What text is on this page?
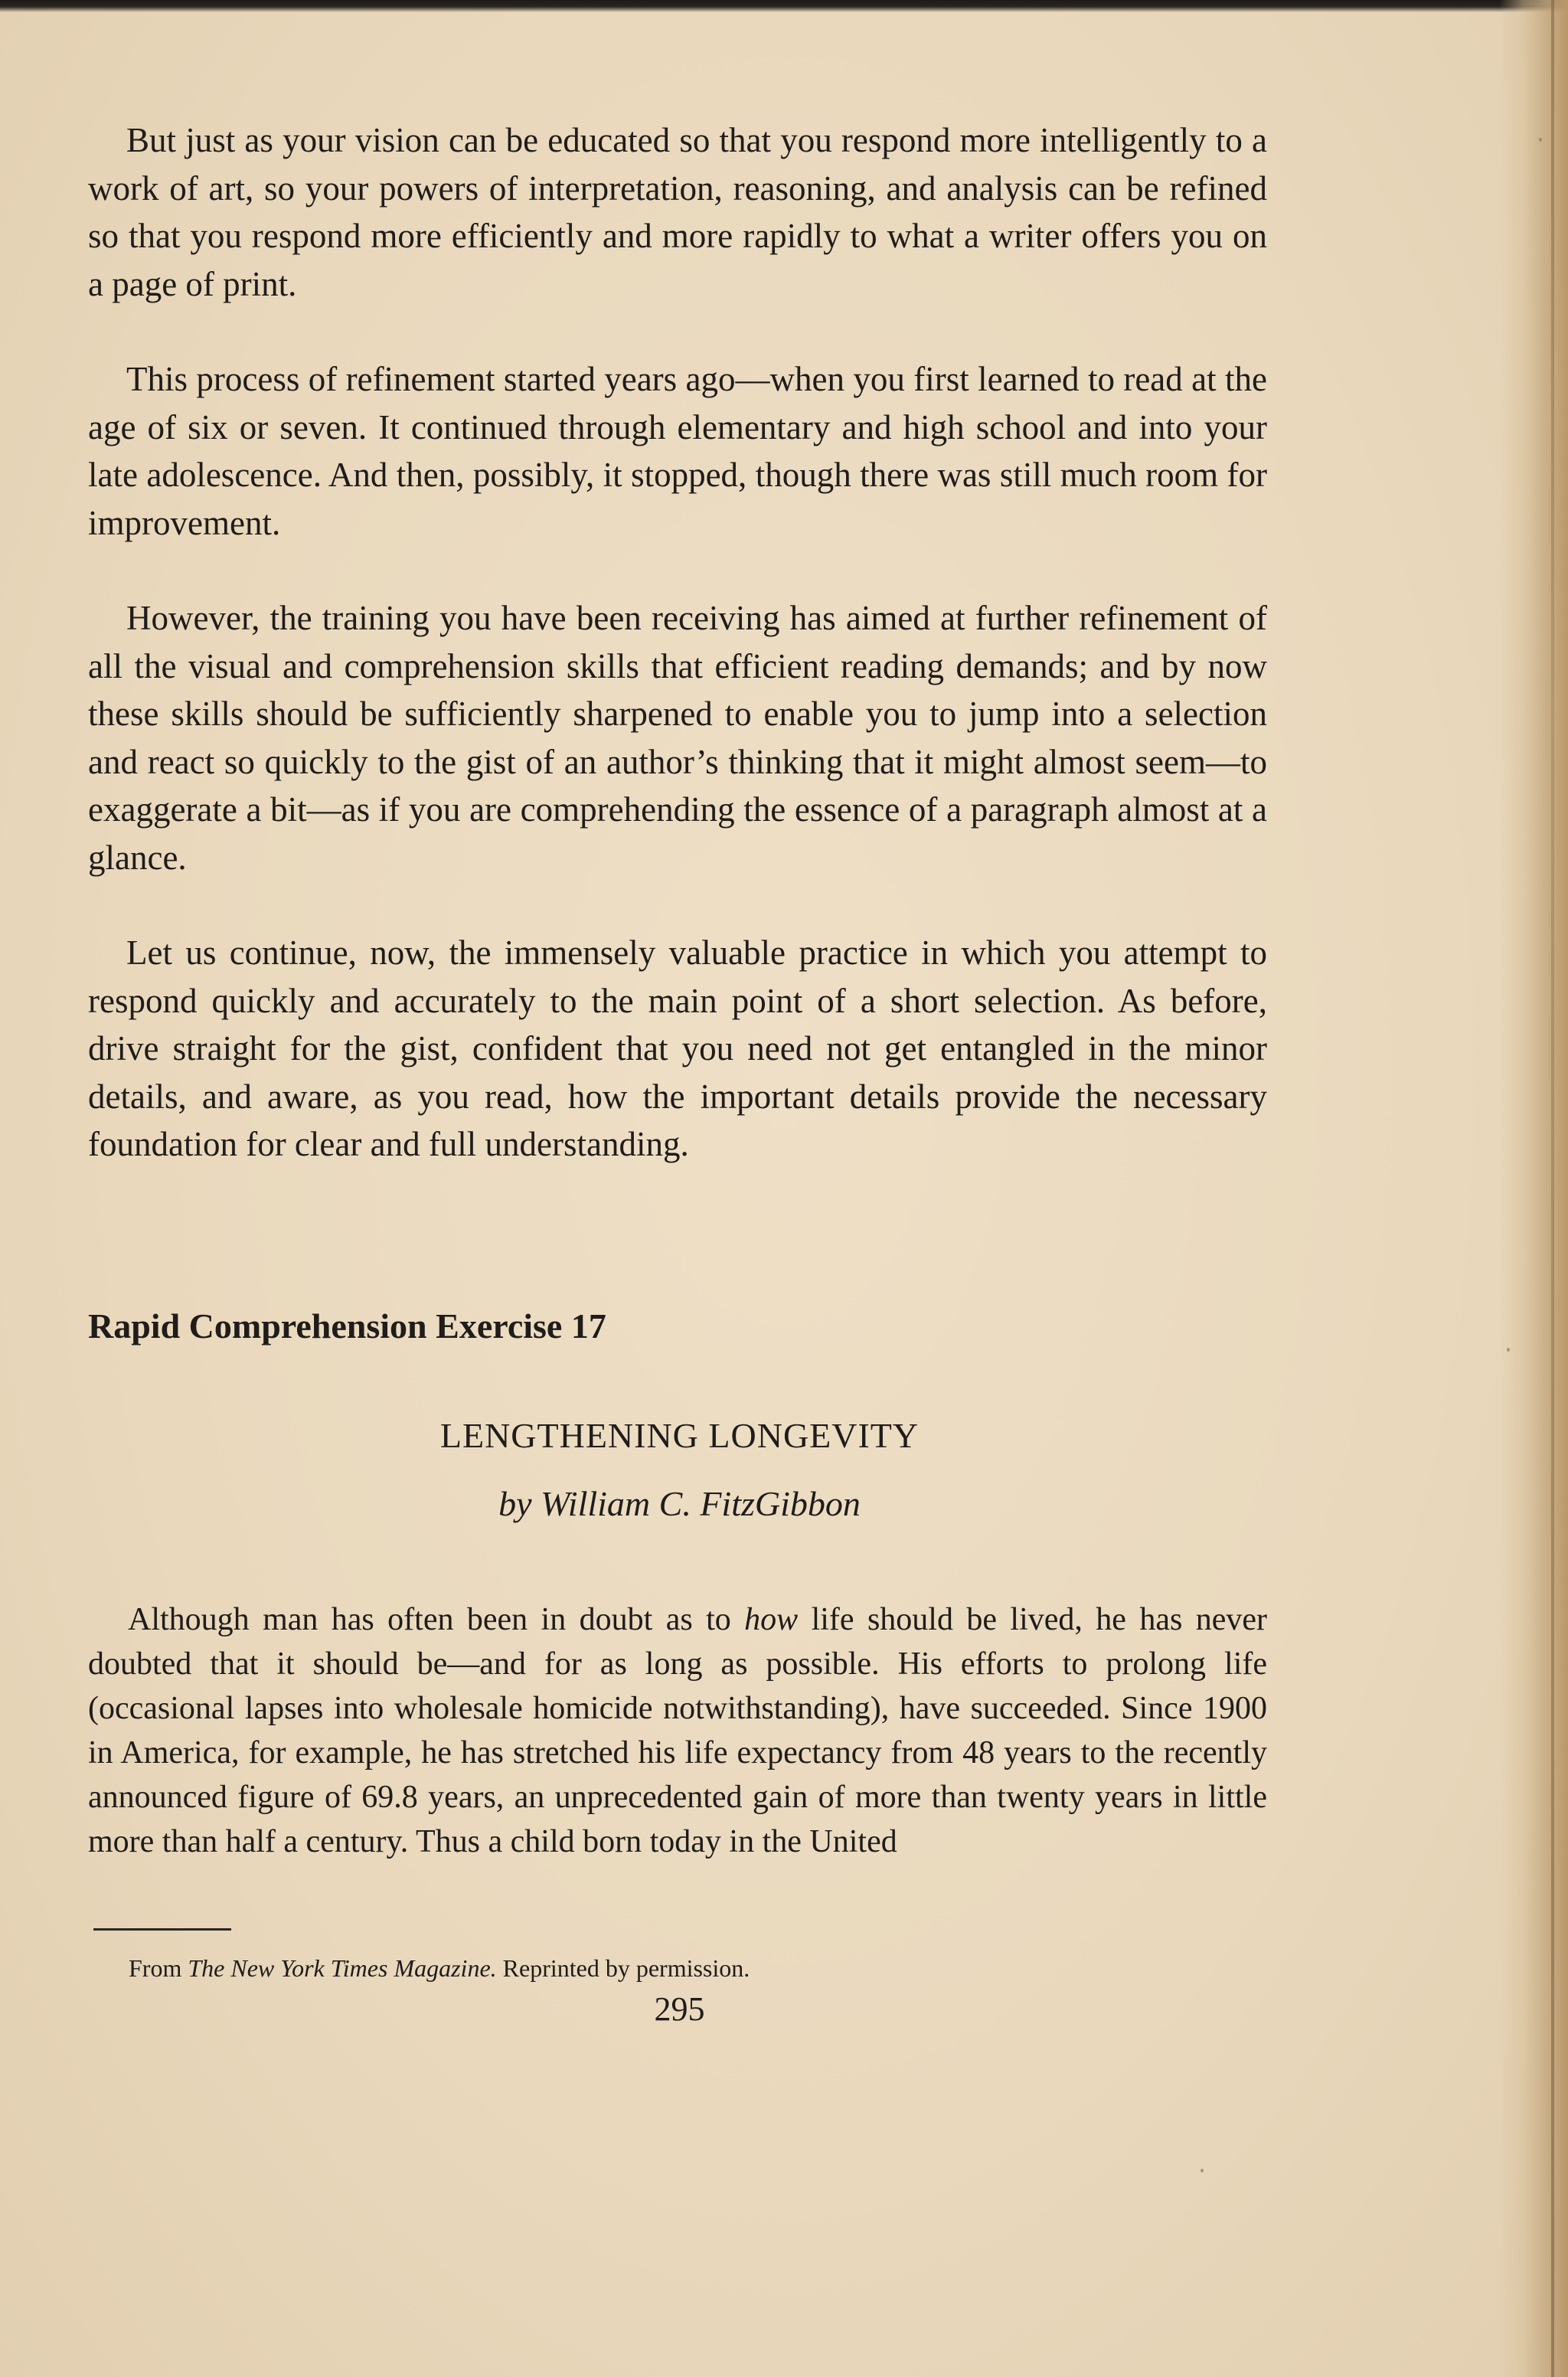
But just as your vision can be educated so that you respond more intelligently to a work of art, so your powers of interpretation, reasoning, and analysis can be refined so that you respond more efficiently and more rapidly to what a writer offers you on a page of print.

This process of refinement started years ago—when you first learned to read at the age of six or seven. It continued through elementary and high school and into your late adolescence. And then, possibly, it stopped, though there was still much room for improvement.

However, the training you have been receiving has aimed at further refinement of all the visual and comprehension skills that efficient reading demands; and by now these skills should be sufficiently sharpened to enable you to jump into a selection and react so quickly to the gist of an author’s thinking that it might almost seem—to exaggerate a bit—as if you are comprehending the essence of a paragraph almost at a glance.

Let us continue, now, the immensely valuable practice in which you attempt to respond quickly and accurately to the main point of a short selection. As before, drive straight for the gist, confident that you need not get entangled in the minor details, and aware, as you read, how the important details provide the necessary foundation for clear and full understanding.

Rapid Comprehension Exercise 17
LENGTHENING LONGEVITY
by William C. FitzGibbon

Although man has often been in doubt as to how life should be lived, he has never doubted that it should be—and for as long as possible. His efforts to prolong life (occasional lapses into wholesale homicide notwithstanding), have succeeded. Since 1900 in America, for example, he has stretched his life expectancy from 48 years to the recently announced figure of 69.8 years, an unprecedented gain of more than twenty years in little more than half a century. Thus a child born today in the United

From The New York Times Magazine. Reprinted by permission.
295
